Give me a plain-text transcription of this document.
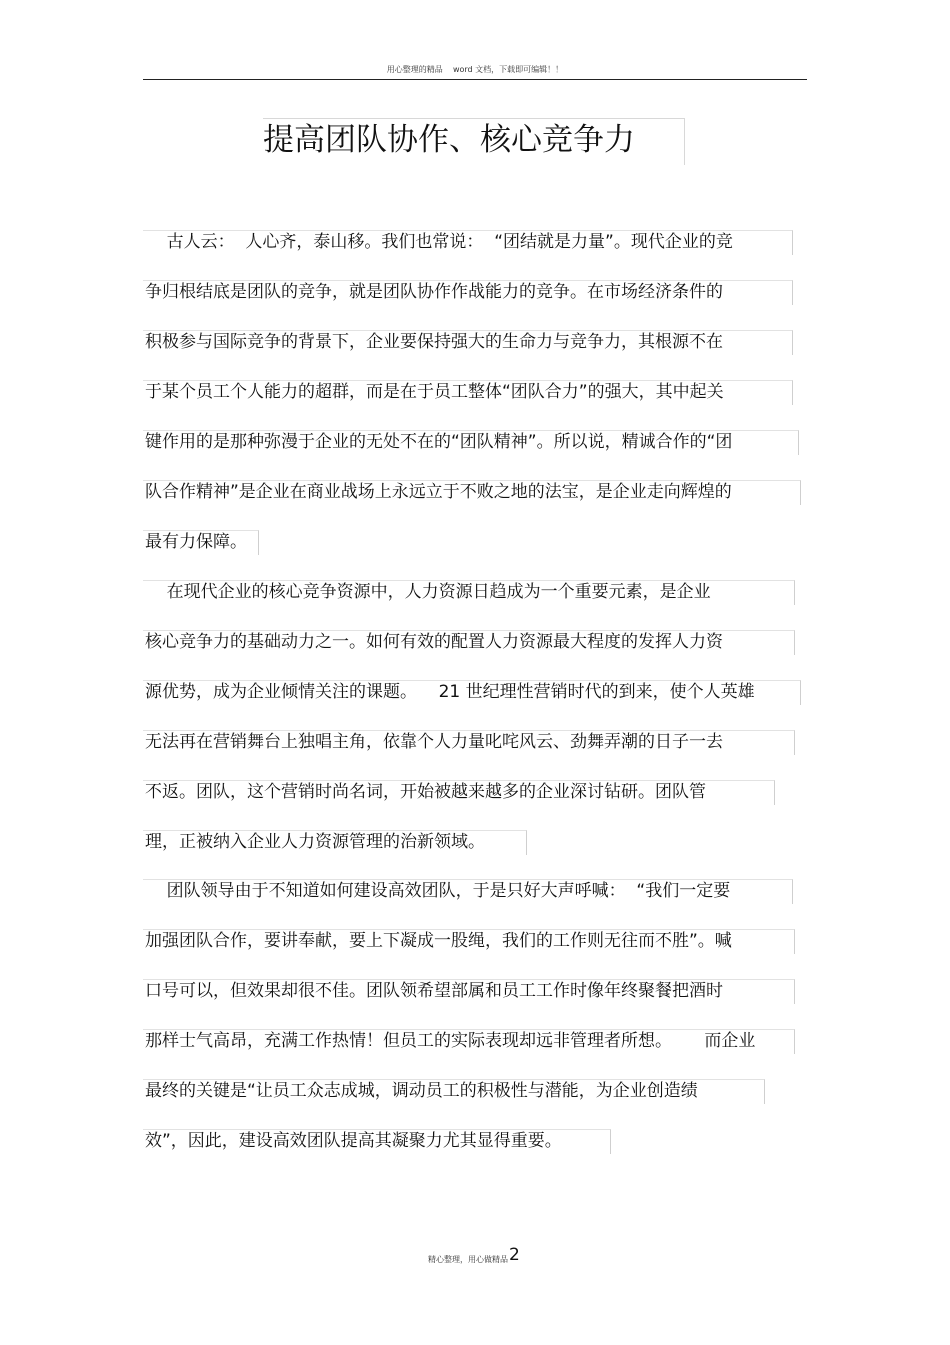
用心整理的精品    word 文档，下载即可编辑！！
提高团队协作、核心竞争力
古人云：  人心齐，泰山移。我们也常说：  “团结就是力量”。现代企业的竞
争归根结底是团队的竞争，就是团队协作作战能力的竞争。在市场经济条件的
积极参与国际竞争的背景下，企业要保持强大的生命力与竞争力，其根源不在
于某个员工个人能力的超群，而是在于员工整体“团队合力”的强大，其中起关
键作用的是那种弥漫于企业的无处不在的“团队精神”。所以说，精诚合作的“团
队合作精神”是企业在商业战场上永远立于不败之地的法宝，是企业走向辉煌的
最有力保障。
在现代企业的核心竞争资源中，人力资源日趋成为一个重要元素，是企业
核心竞争力的基础动力之一。如何有效的配置人力资源最大程度的发挥人力资
源优势，成为企业倾情关注的课题。    21 世纪理性营销时代的到来，使个人英雄
无法再在营销舞台上独唱主角，依靠个人力量叱咤风云、劲舞弄潮的日子一去
不返。团队，这个营销时尚名词，开始被越来越多的企业深讨钻研。团队管
理，正被纳入企业人力资源管理的治新领域。
团队领导由于不知道如何建设高效团队，于是只好大声呼喊：  “我们一定要
加强团队合作，要讲奉献，要上下凝成一股绳，我们的工作则无往而不胜”。喊
口号可以，但效果却很不佳。团队领希望部属和员工工作时像年终聚餐把酒时
那样士气高昂，充满工作热情！但员工的实际表现却远非管理者所想。      而企业
最终的关键是“让员工众志成城，调动员工的积极性与潜能，为企业创造绩
效”，因此，建设高效团队提高其凝聚力尤其显得重要。
精心整理，用心做精品 2
